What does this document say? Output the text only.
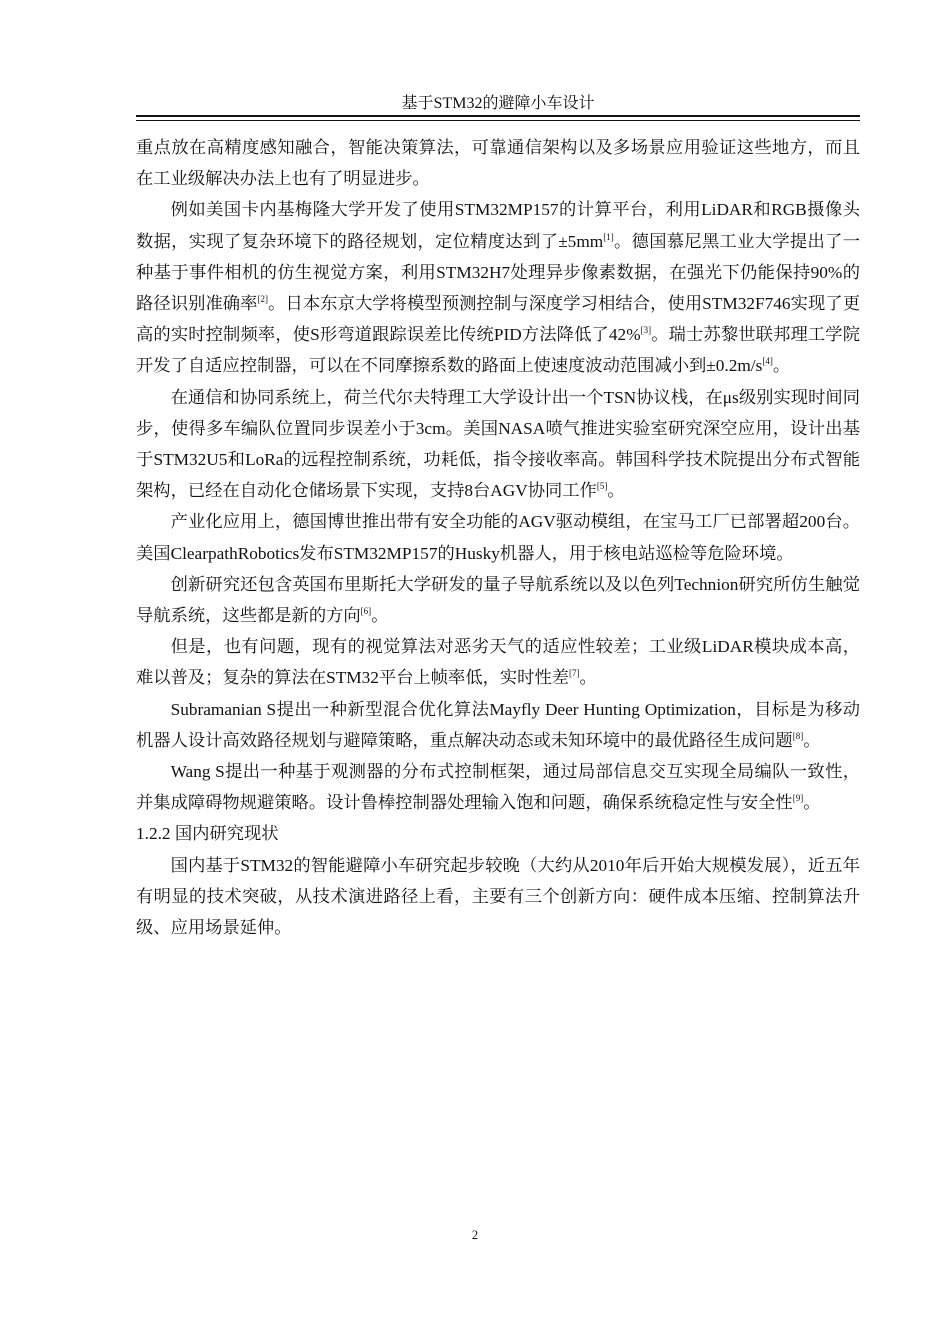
基于STM32的避障小车设计

重点放在高精度感知融合，智能决策算法，可靠通信架构以及多场景应用验证这些地方，而且在工业级解决办法上也有了明显进步。

例如美国卡内基梅隆大学开发了使用STM32MP157的计算平台，利用LiDAR和RGB摄像头数据，实现了复杂环境下的路径规划，定位精度达到了±5mm[1]。德国慕尼黑工业大学提出了一种基于事件相机的仿生视觉方案，利用STM32H7处理异步像素数据，在强光下仍能保持90%的路径识别准确率[2]。日本东京大学将模型预测控制与深度学习相结合，使用STM32F746实现了更高的实时控制频率，使S形弯道跟踪误差比传统PID方法降低了42%[3]。瑞士苏黎世联邦理工学院开发了自适应控制器，可以在不同摩擦系数的路面上使速度波动范围减小到±0.2m/s[4]。

在通信和协同系统上，荷兰代尔夫特理工大学设计出一个TSN协议栈，在μs级别实现时间同步，使得多车编队位置同步误差小于3cm。美国NASA喷气推进实验室研究深空应用，设计出基于STM32U5和LoRa的远程控制系统，功耗低，指令接收率高。韩国科学技术院提出分布式智能架构，已经在自动化仓储场景下实现，支持8台AGV协同工作[5]。

产业化应用上，德国博世推出带有安全功能的AGV驱动模组，在宝马工厂已部署超200台。美国ClearpathRobotics发布STM32MP157的Husky机器人，用于核电站巡检等危险环境。

创新研究还包含英国布里斯托大学研发的量子导航系统以及以色列Technion研究所仿生触觉导航系统，这些都是新的方向[6]。

但是，也有问题，现有的视觉算法对恶劣天气的适应性较差；工业级LiDAR模块成本高，难以普及；复杂的算法在STM32平台上帧率低，实时性差[7]。

Subramanian S提出一种新型混合优化算法Mayfly Deer Hunting Optimization，目标是为移动机器人设计高效路径规划与避障策略，重点解决动态或未知环境中的最优路径生成问题[8]。

Wang S提出一种基于观测器的分布式控制框架，通过局部信息交互实现全局编队一致性，并集成障碍物规避策略。设计鲁棒控制器处理输入饱和问题，确保系统稳定性与安全性[9]。

1.2.2 国内研究现状

国内基于STM32的智能避障小车研究起步较晚（大约从2010年后开始大规模发展），近五年有明显的技术突破，从技术演进路径上看，主要有三个创新方向：硬件成本压缩、控制算法升级、应用场景延伸。

2
